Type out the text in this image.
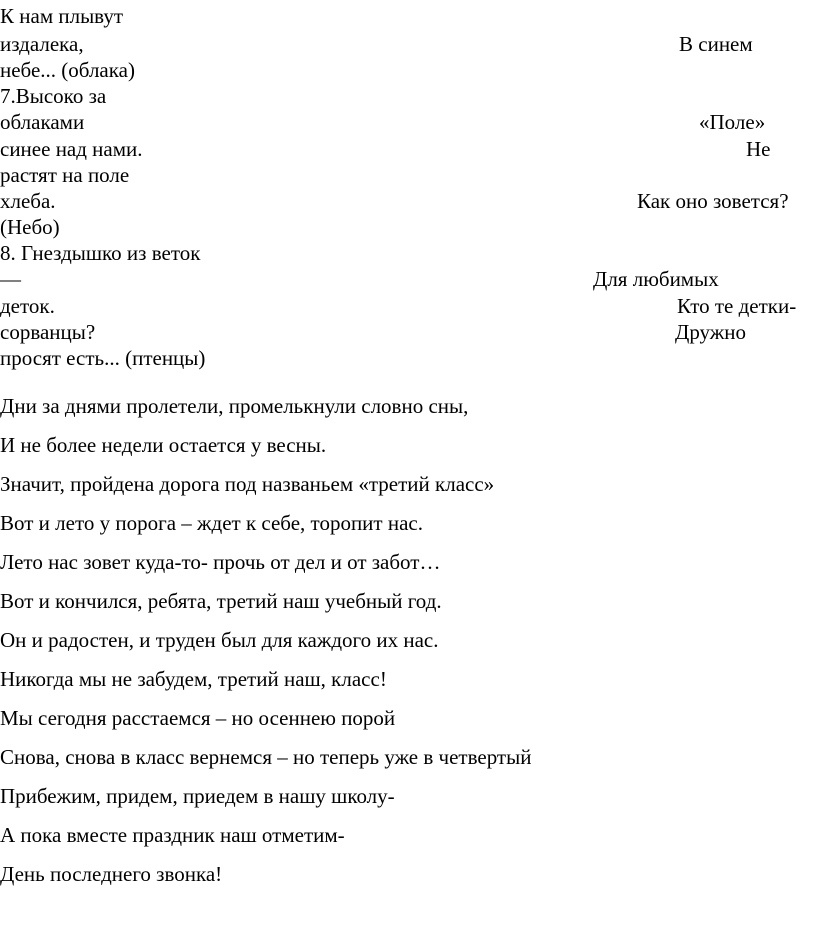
К нам плывут
издалека,	В синем
небе... (облака)
7.Высоко за
облаками	«Поле»
синее над нами.	Не
растят на поле
хлеба.	Как оно зовется?
(Небо)
8. Гнездышко из веток
—	Для любимых
деток.	Кто те детки-
сорванцы?	Дружно
просят есть... (птенцы)
Дни за днями пролетели, промелькнули словно сны,
И не более недели остается у весны.
Значит, пройдена дорога под названьем «третий класс»
Вот и лето у порога – ждет к себе, торопит нас.
Лето нас зовет куда-то- прочь от дел и от забот…
Вот и кончился, ребята, третий наш учебный год.
Он и радостен, и труден был для каждого их нас.
Никогда мы не забудем, третий наш, класс!
Мы сегодня расстаемся – но осеннею порой
Снова, снова в класс вернемся – но теперь уже в четвертый
Прибежим, придем, приедем в нашу школу-
А пока вместе праздник наш отметим-
День последнего звонка!
